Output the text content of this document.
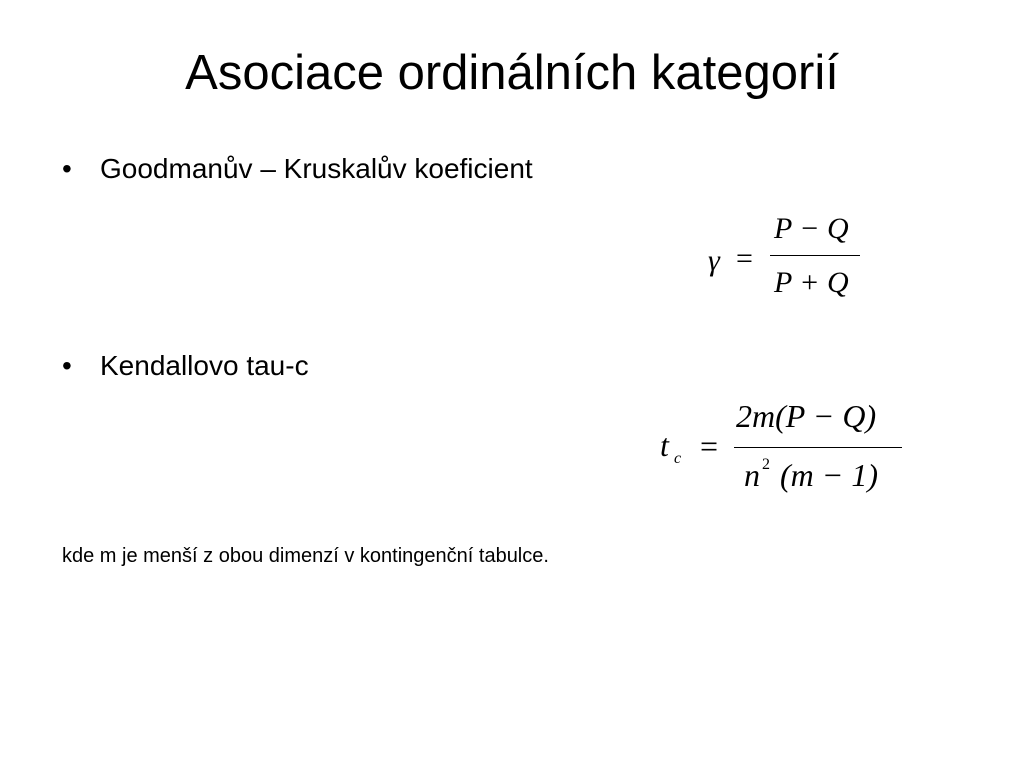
Asociace ordinálních kategorií
•	Goodmanův – Kruskalův koeficient
γ =
P − Q
P + Q
•	Kendallovo tau-c
t c =
2m(P − Q)
n 2 (m − 1)

kde m je menší z obou dimenzí v kontingenční tabulce.
